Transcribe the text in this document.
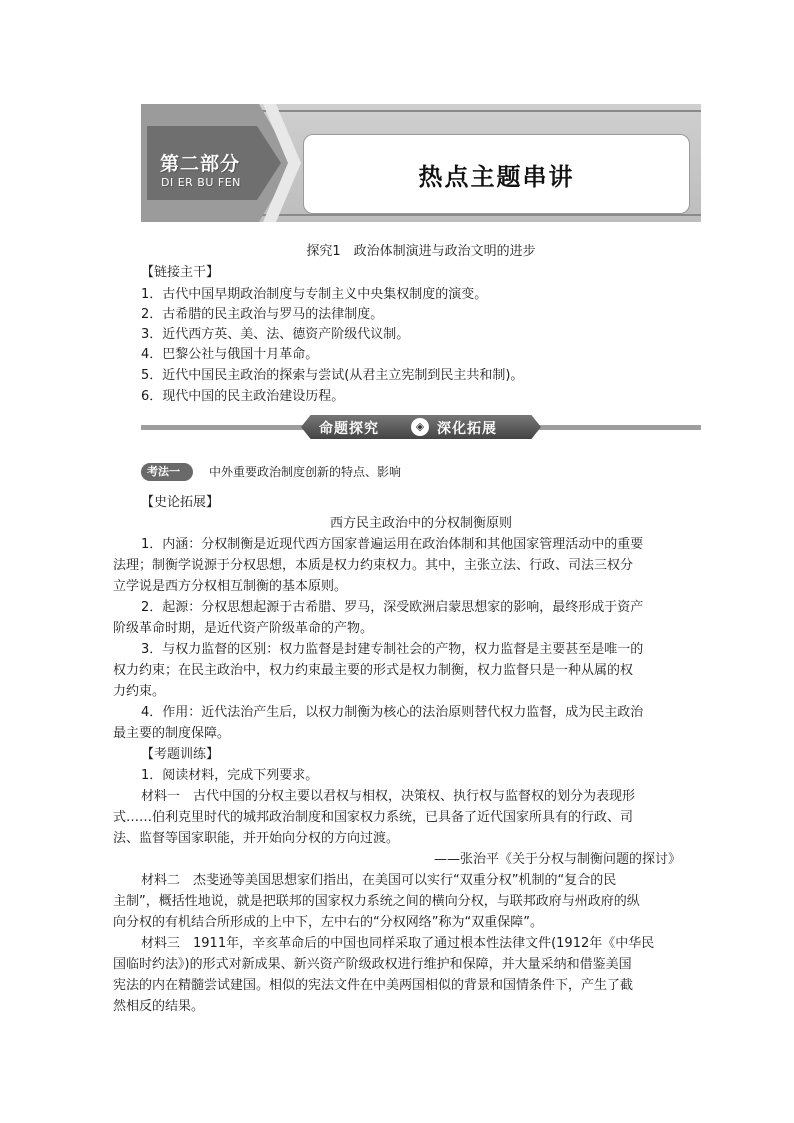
第二部分
DI ER BU FEN	热点主题串讲
探究1　政治体制演进与政治文明的进步
【链接主干】
1．古代中国早期政治制度与专制主义中央集权制度的演变。
2．古希腊的民主政治与罗马的法律制度。
3．近代西方英、美、法、德资产阶级代议制。
4．巴黎公社与俄国十月革命。
5．近代中国民主政治的探索与尝试(从君主立宪制到民主共和制)。
6．现代中国的民主政治建设历程。
命题探究	◈ 深化拓展
考法一	中外重要政治制度创新的特点、影响
【史论拓展】
西方民主政治中的分权制衡原则
1．内涵：分权制衡是近现代西方国家普遍运用在政治体制和其他国家管理活动中的重要
法理；制衡学说源于分权思想，本质是权力约束权力。其中，主张立法、行政、司法三权分
立学说是西方分权相互制衡的基本原则。
2．起源：分权思想起源于古希腊、罗马，深受欧洲启蒙思想家的影响，最终形成于资产
阶级革命时期，是近代资产阶级革命的产物。
3．与权力监督的区别：权力监督是封建专制社会的产物，权力监督是主要甚至是唯一的
权力约束；在民主政治中，权力约束最主要的形式是权力制衡，权力监督只是一种从属的权
力约束。
4．作用：近代法治产生后，以权力制衡为核心的法治原则替代权力监督，成为民主政治
最主要的制度保障。
【考题训练】
1．阅读材料，完成下列要求。
材料一　古代中国的分权主要以君权与相权，决策权、执行权与监督权的划分为表现形
式……伯利克里时代的城邦政治制度和国家权力系统，已具备了近代国家所具有的行政、司
法、监督等国家职能，并开始向分权的方向过渡。
——张治平《关于分权与制衡问题的探讨》
材料二　杰斐逊等美国思想家们指出，在美国可以实行“双重分权”机制的“复合的民
主制”，概括性地说，就是把联邦的国家权力系统之间的横向分权，与联邦政府与州政府的纵
向分权的有机结合所形成的上中下，左中右的“分权网络”称为“双重保障”。
材料三　1911年，辛亥革命后的中国也同样采取了通过根本性法律文件(1912年《中华民
国临时约法》)的形式对新成果、新兴资产阶级政权进行维护和保障，并大量采纳和借鉴美国
宪法的内在精髓尝试建国。相似的宪法文件在中美两国相似的背景和国情条件下，产生了截
然相反的结果。
